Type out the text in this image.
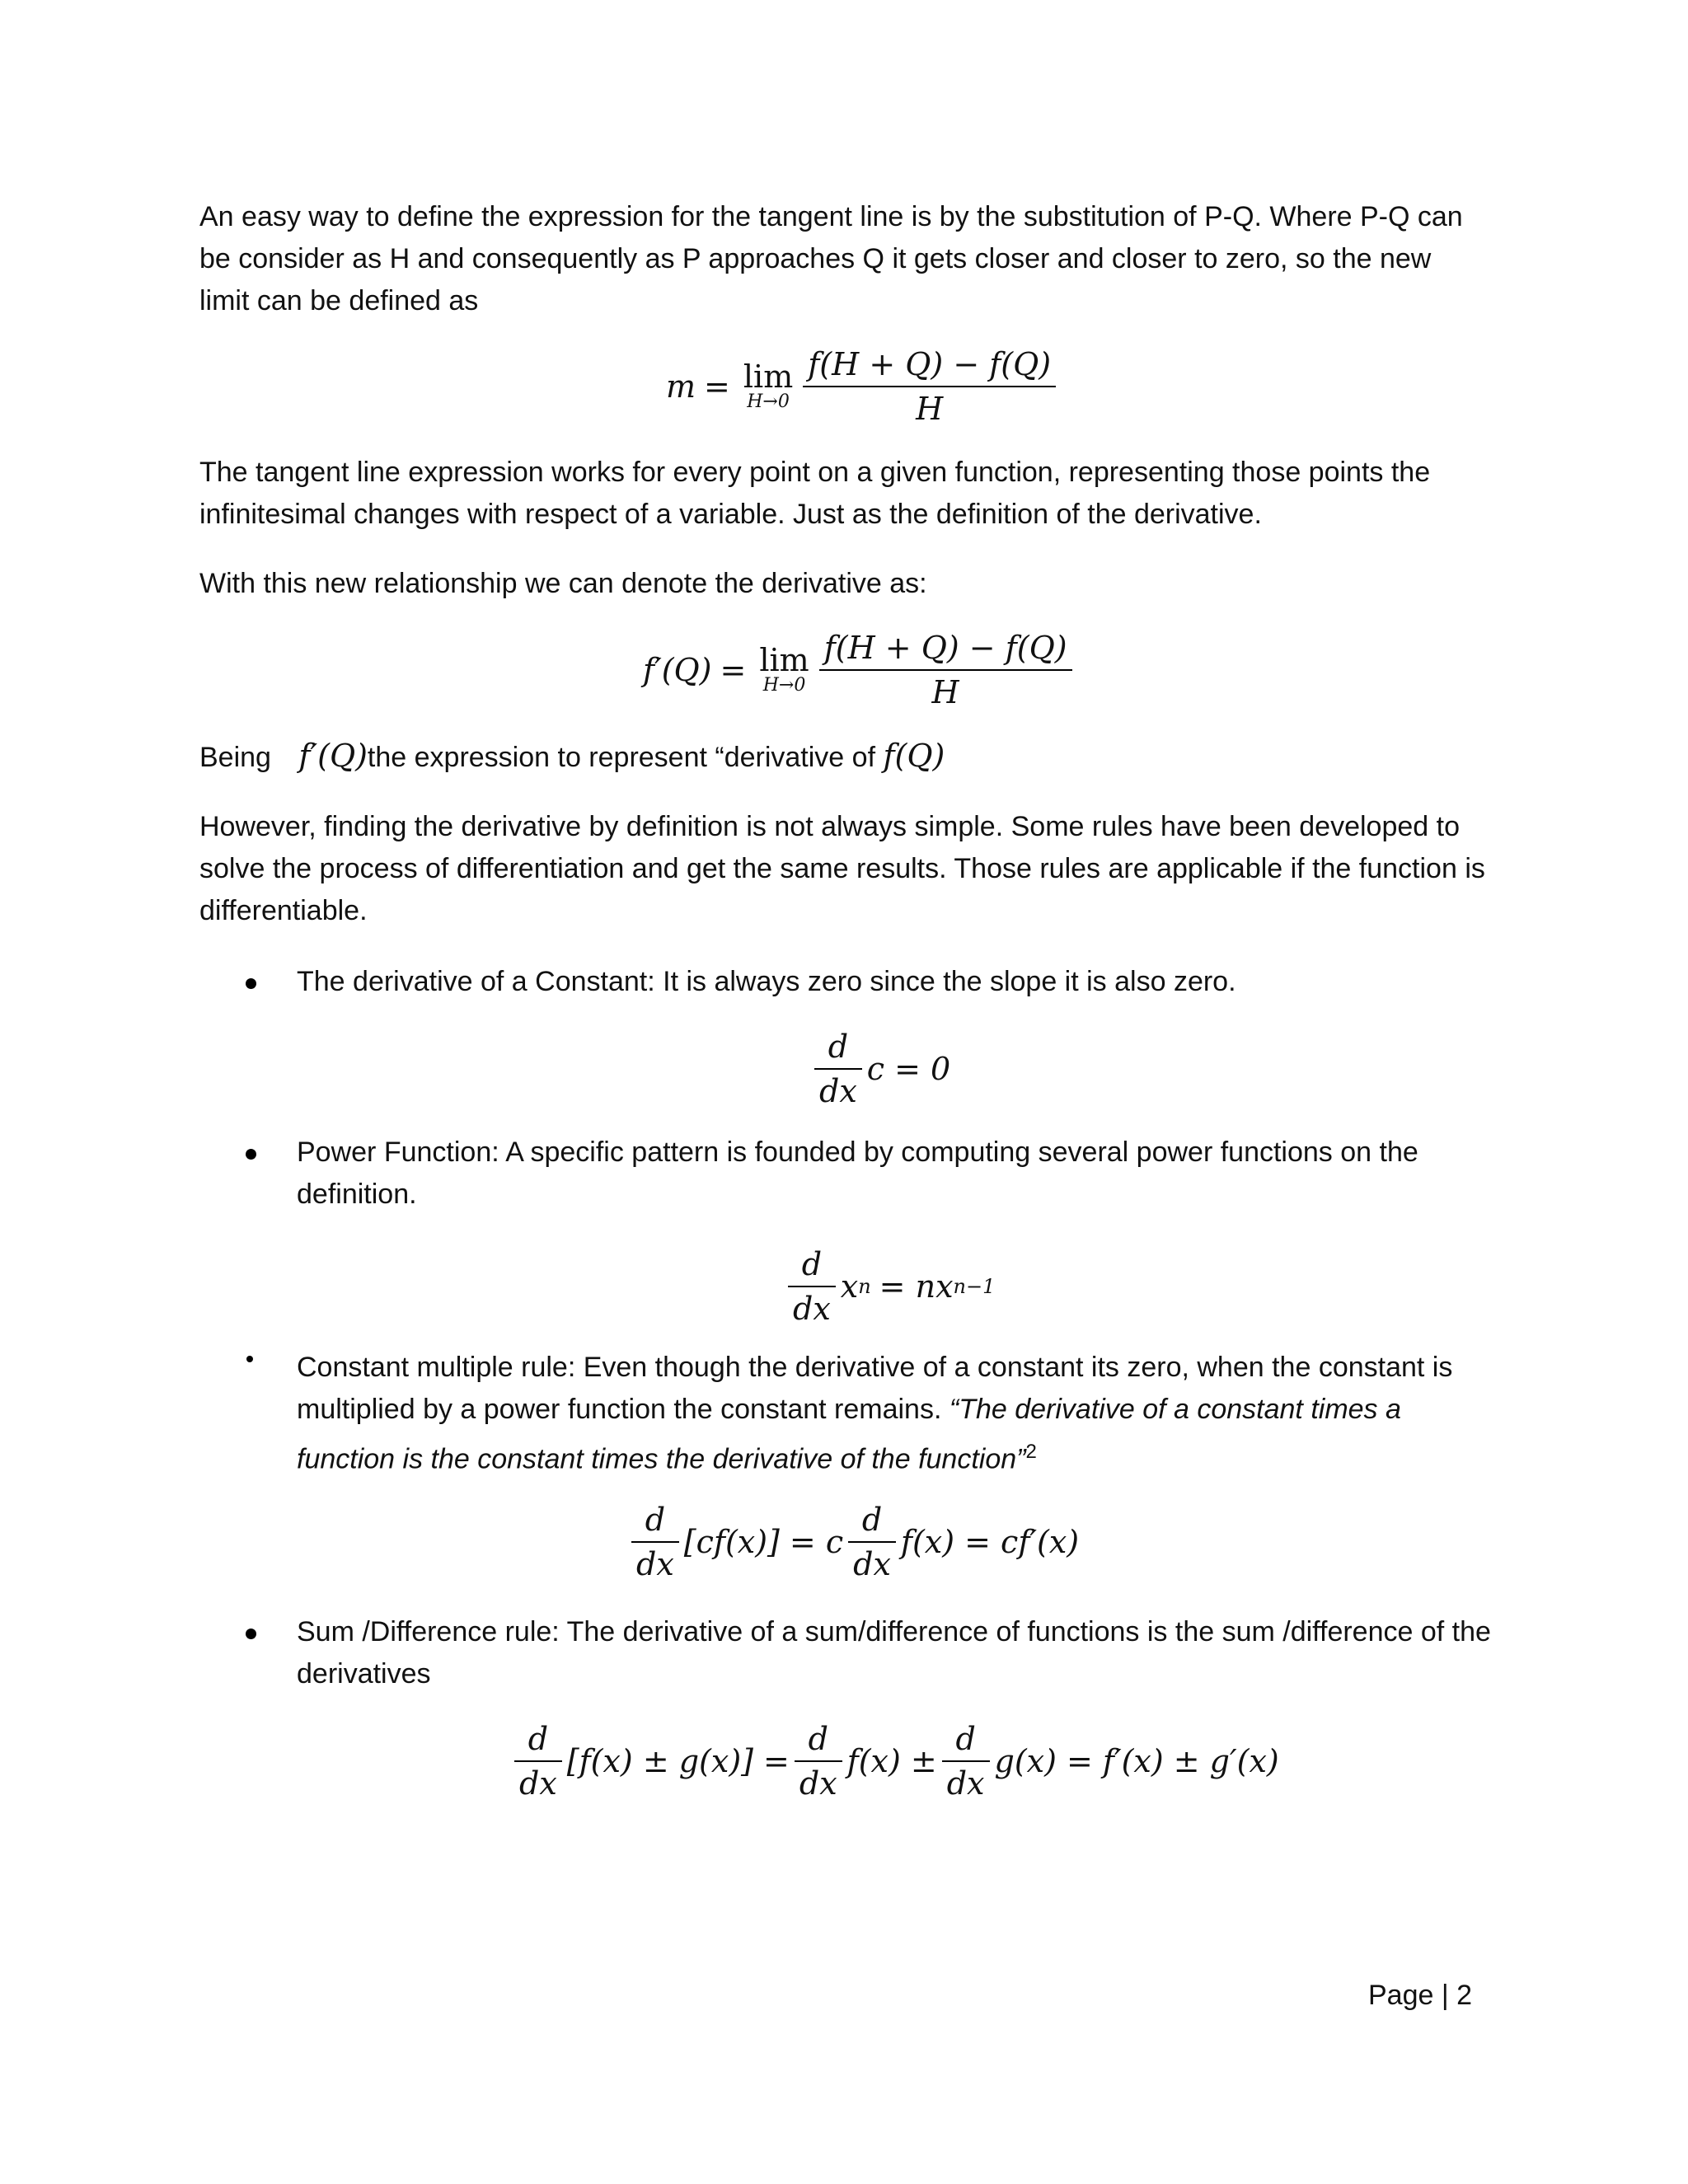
An easy way to define the expression for the tangent line is by the substitution of P-Q. Where P-Q can be consider as H and consequently as P approaches Q it gets closer and closer to zero, so the new limit can be defined as

m = lim
$H\to 0 \frac{f(H + Q) - f(Q)}{H}$

The tangent line expression works for every point on a given function, representing those points the infinitesimal changes with respect of a variable. Just as the definition of the derivative.

With this new relationship we can denote the derivative as:

f′(Q) = lim
$H\to 0 \frac{f(H + Q) - f(Q)}{H}$

Being f′(Q)the expression to represent “derivative of f(Q)

However, finding the derivative by definition is not always simple. Some rules have been developed to solve the process of differentiation and get the same results. Those rules are applicable if the function is differentiable.

The derivative of a Constant: It is always zero since the slope it is also zero.

$\frac{d}{dx}$ c = 0

Power Function: A specific pattern is founded by computing several power functions on the definition.

$\frac{d}{dx}$ x n = nx n−1

Constant multiple rule: Even though the derivative of a constant its zero, when the constant is multiplied by a power function the constant remains. “The derivative of a constant times a function is the constant times the derivative of the function”$^2$

$\frac{d}{dx} [cf(x)] = c \frac{d}{dx} f(x) = cf'(x)$

Sum /Difference rule: The derivative of a sum/difference of functions is the sum /difference of the derivatives

$\frac{d}{dx} [f(x) \pm g(x)] = \frac{d}{dx} f(x) \pm \frac{d}{dx} g(x) = f'(x) \pm g'(x)$
Page | 2
